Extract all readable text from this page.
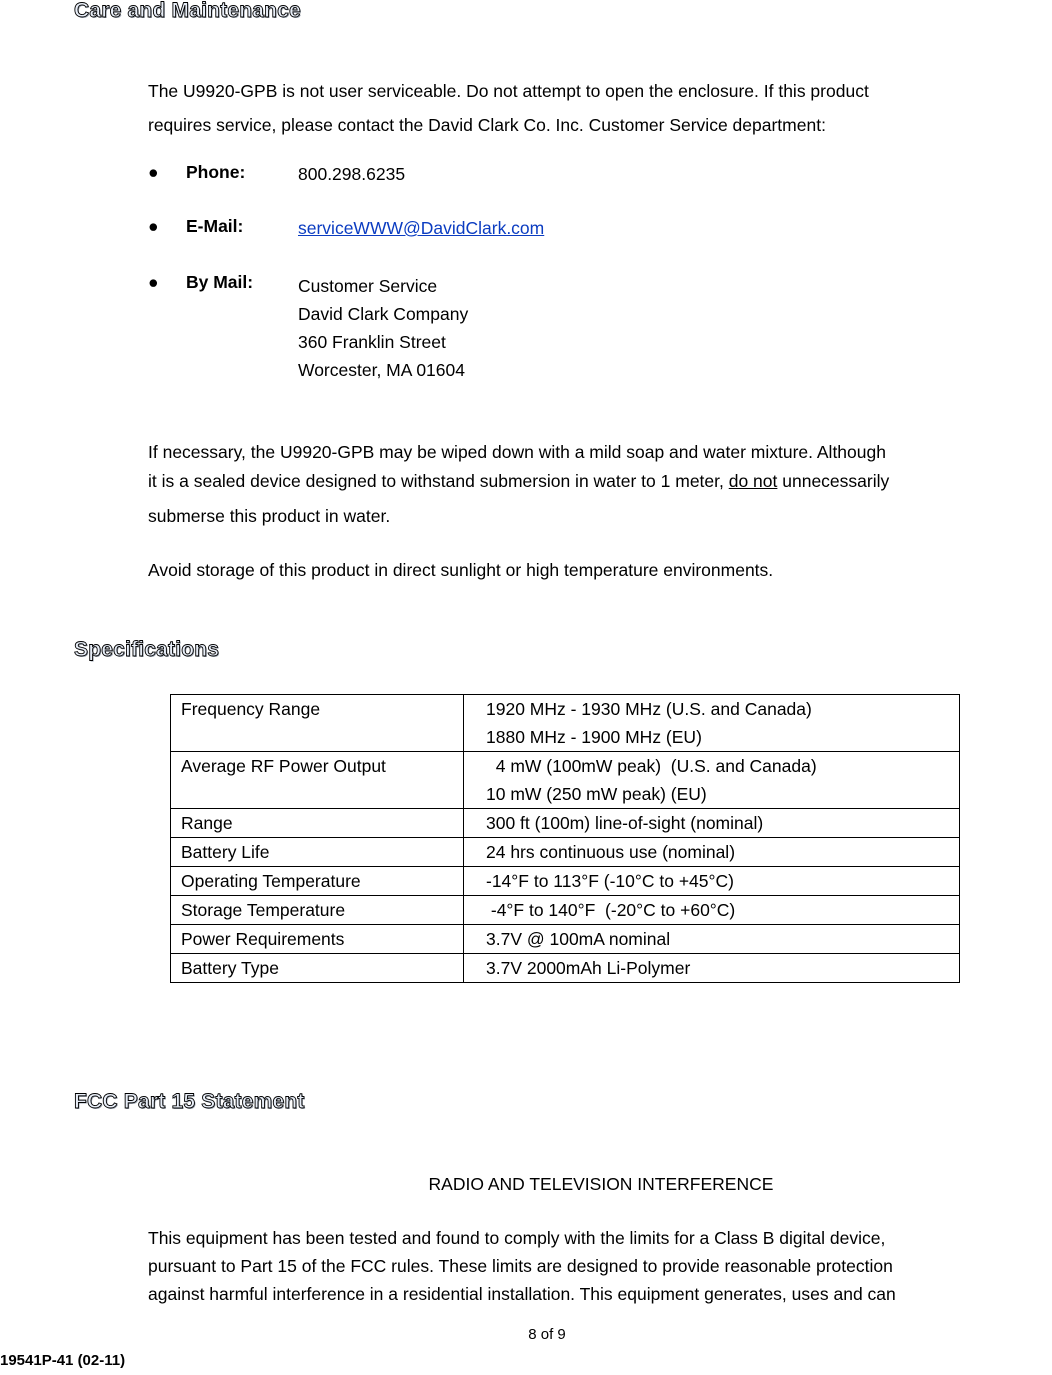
Care and Maintenance
The U9920-GPB is not user serviceable. Do not attempt to open the enclosure. If this product
requires service, please contact the David Clark Co. Inc. Customer Service department:
● Phone:	800.298.6235
● E-Mail:	serviceWWW@DavidClark.com
● By Mail:	Customer Service
David Clark Company
360 Franklin Street
Worcester, MA 01604
If necessary, the U9920-GPB may be wiped down with a mild soap and water mixture. Although
it is a sealed device designed to withstand submersion in water to 1 meter, do not unnecessarily
submerse this product in water.
Avoid storage of this product in direct sunlight or high temperature environments.
Specifications
Frequency Range	1920 MHz - 1930 MHz (U.S. and Canada)
1880 MHz - 1900 MHz (EU)
Average RF Power Output	4 mW (100mW peak)  (U.S. and Canada)
10 mW (250 mW peak) (EU)
Range	300 ft (100m) line-of-sight (nominal)
Battery Life	24 hrs continuous use (nominal)
Operating Temperature	-14°F to 113°F (-10°C to +45°C)
Storage Temperature	-4°F to 140°F  (-20°C to +60°C)
Power Requirements	3.7V @ 100mA nominal
Battery Type	3.7V 2000mAh Li-Polymer
FCC Part 15 Statement
RADIO AND TELEVISION INTERFERENCE
This equipment has been tested and found to comply with the limits for a Class B digital device,
pursuant to Part 15 of the FCC rules. These limits are designed to provide reasonable protection
against harmful interference in a residential installation. This equipment generates, uses and can
8 of 9
19541P-41 (02-11)
